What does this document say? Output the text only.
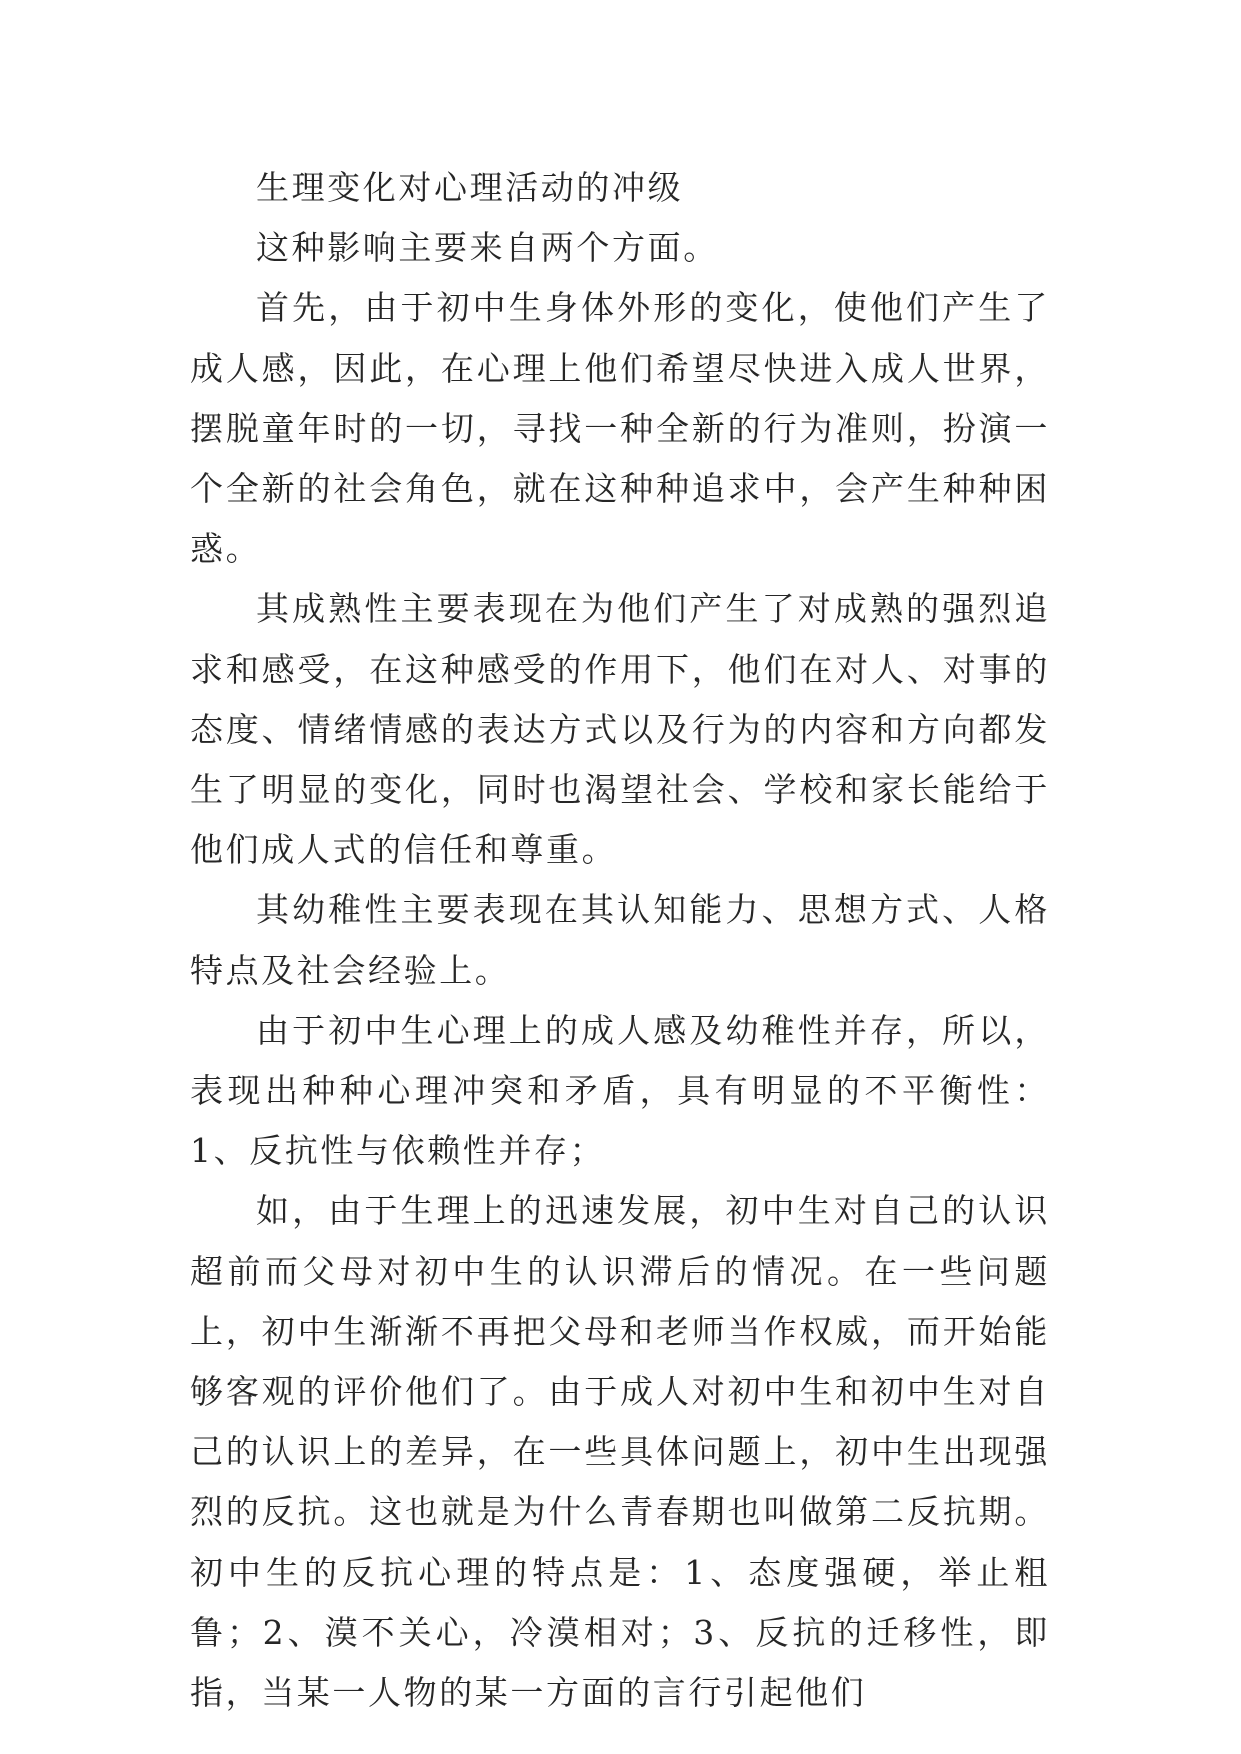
生理变化对心理活动的冲级

这种影响主要来自两个方面。

首先，由于初中生身体外形的变化，使他们产生了成人感，因此，在心理上他们希望尽快进入成人世界，摆脱童年时的一切，寻找一种全新的行为准则，扮演一个全新的社会角色，就在这种种追求中，会产生种种困惑。

其成熟性主要表现在为他们产生了对成熟的强烈追求和感受，在这种感受的作用下，他们在对人、对事的态度、情绪情感的表达方式以及行为的内容和方向都发生了明显的变化，同时也渴望社会、学校和家长能给于他们成人式的信任和尊重。

其幼稚性主要表现在其认知能力、思想方式、人格特点及社会经验上。

由于初中生心理上的成人感及幼稚性并存，所以，表现出种种心理冲突和矛盾，具有明显的不平衡性：1、反抗性与依赖性并存；

如，由于生理上的迅速发展，初中生对自己的认识超前而父母对初中生的认识滞后的情况。在一些问题上，初中生渐渐不再把父母和老师当作权威，而开始能够客观的评价他们了。由于成人对初中生和初中生对自己的认识上的差异，在一些具体问题上，初中生出现强烈的反抗。这也就是为什么青春期也叫做第二反抗期。初中生的反抗心理的特点是：1、态度强硬，举止粗鲁；2、漠不关心，冷漠相对；3、反抗的迁移性，即指，当某一人物的某一方面的言行引起他们
